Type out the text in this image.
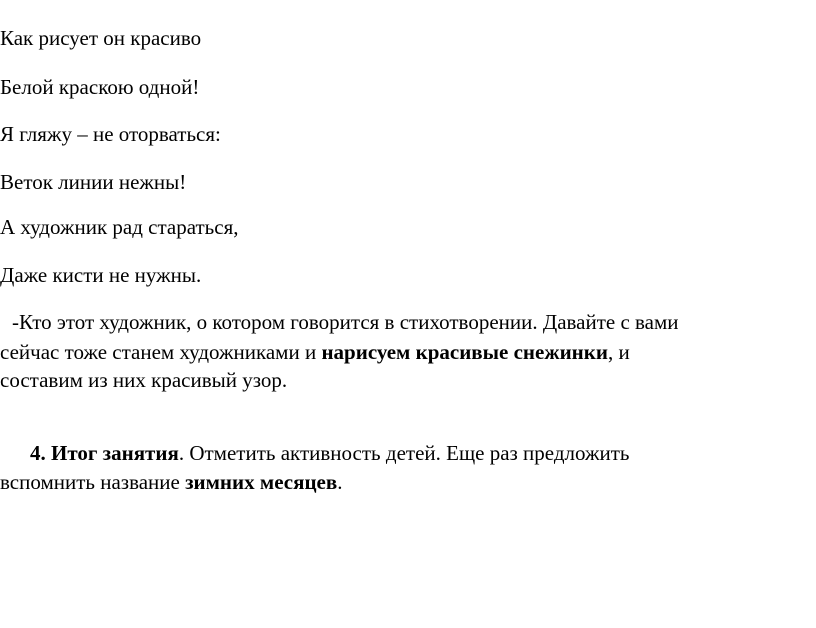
Как рисует он красиво

Белой краскою одной!

Я гляжу – не оторваться:

Веток линии нежны!

А художник рад стараться,

Даже кисти не нужны.

-Кто этот художник, о котором говорится в стихотворении. Давайте с вами

сейчас тоже станем художниками и нарисуем красивые снежинки, и

составим из них красивый узор.

4. Итог занятия. Отметить активность детей. Еще раз предложить

вспомнить название зимних месяцев.
